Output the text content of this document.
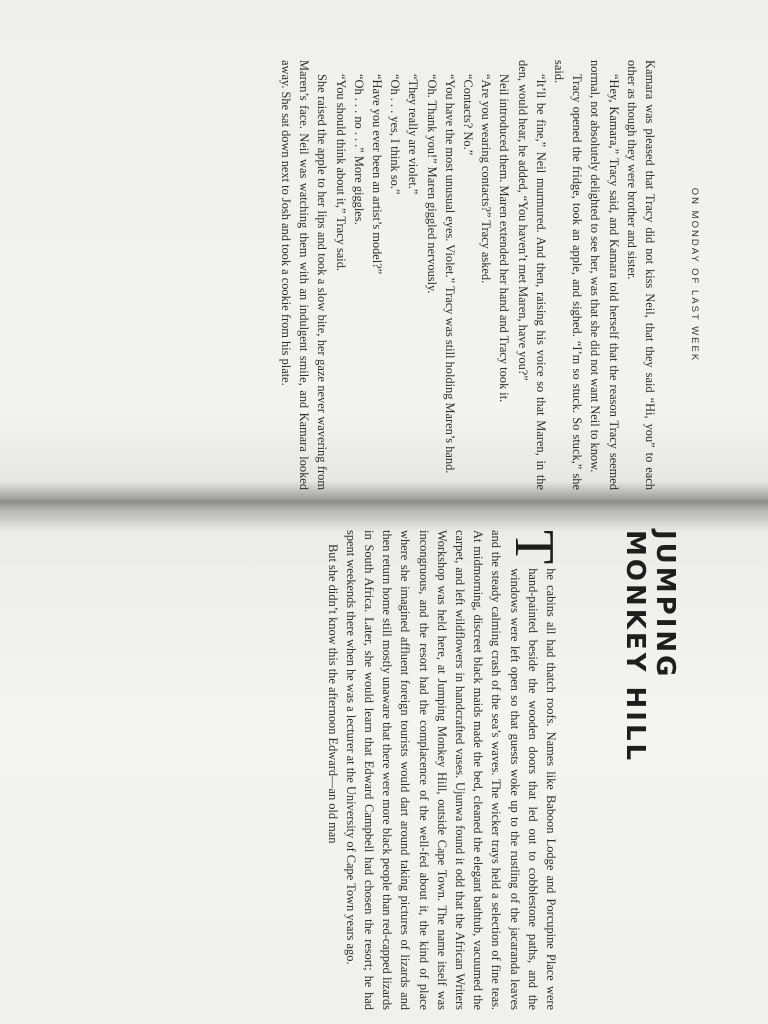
ON MONDAY OF LAST WEEK

Kamara was pleased that Tracy did not kiss Neil, that they said “Hi, you” to each other as though they were brother and sister.

“Hey, Kamara,” Tracy said, and Kamara told herself that the reason Tracy seemed normal, not absolutely delighted to see her, was that she did not want Neil to know.

Tracy opened the fridge, took an apple, and sighed. “I’m so stuck. So stuck,” she said.

“It’ll be fine,” Neil murmured. And then, raising his voice so that Maren, in the den, would hear, he added, “You haven’t met Maren, have you?”

Neil introduced them. Maren extended her hand and Tracy took it.

“Are you wearing contacts?” Tracy asked.

“Contacts? No.”

“You have the most unusual eyes. Violet.” Tracy was still holding Maren’s hand.

“Oh. Thank you!” Maren giggled nervously.

“They really are violet.”

“Oh . . . yes, I think so.”

“Have you ever been an artist’s model?”

“Oh . . . no . . .” More giggles.

“You should think about it,” Tracy said.

She raised the apple to her lips and took a slow bite, her gaze never wavering from Maren’s face. Neil was watching them with an indulgent smile, and Kamara looked away. She sat down next to Josh and took a cookie from his plate.

JUMPING
MONKEY HILL

T
he cabins all had thatch roofs. Names like Baboon Lodge and Porcupine Place were hand-painted beside the wooden doors that led out to cobblestone paths, and the windows were left open so that guests woke up to the rustling of the jacaranda leaves and the steady calming crash of the sea’s waves. The wicker trays held a selection of fine teas. At midmorning, discreet black maids made the bed, cleaned the elegant bathtub, vacuumed the carpet, and left wildflowers in handcrafted vases. Ujunwa found it odd that the African Writers Workshop was held here, at Jumping Monkey Hill, outside Cape Town. The name itself was incongruous, and the resort had the complacence of the well-fed about it, the kind of place where she imagined affluent foreign tourists would dart around taking pictures of lizards and then return home still mostly unaware that there were more black people than red-capped lizards in South Africa. Later, she would learn that Edward Campbell had chosen the resort; he had spent weekends there when he was a lecturer at the University of Cape Town years ago.

But she didn’t know this the afternoon Edward—an old man
